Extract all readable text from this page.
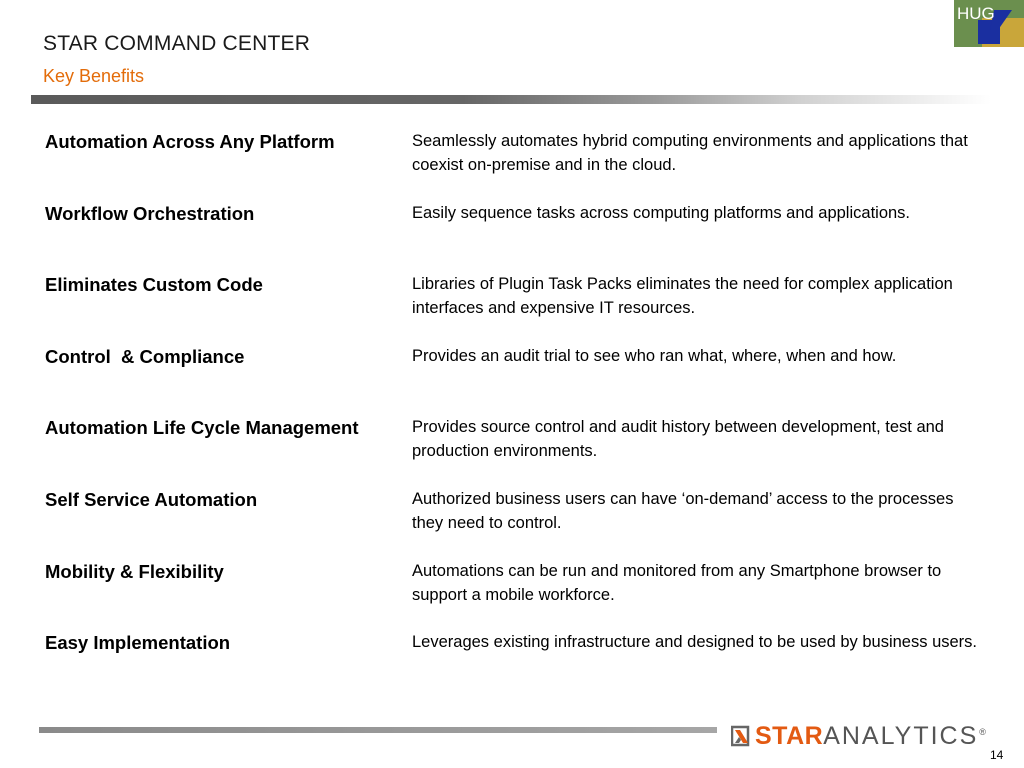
STAR COMMAND CENTER
Key Benefits
HUG
Automation Across Any Platform	Seamlessly automates hybrid computing environments and applications that coexist on-premise and in the cloud.
Workflow Orchestration	Easily sequence tasks across computing platforms and applications.
Eliminates Custom Code	Libraries of Plugin Task Packs eliminates the need for complex application interfaces and expensive IT resources.
Control  & Compliance	Provides an audit trial to see who ran what, where, when and how.
Automation Life Cycle Management	Provides source control and audit history between development, test and production environments.
Self Service Automation	Authorized business users can have ‘on-demand’ access to the processes they need to control.
Mobility & Flexibility	Automations can be run and monitored from any Smartphone browser to support a mobile workforce.
Easy Implementation	Leverages existing infrastructure and designed to be used by business users.
STAR ANALYTICS ®
14
